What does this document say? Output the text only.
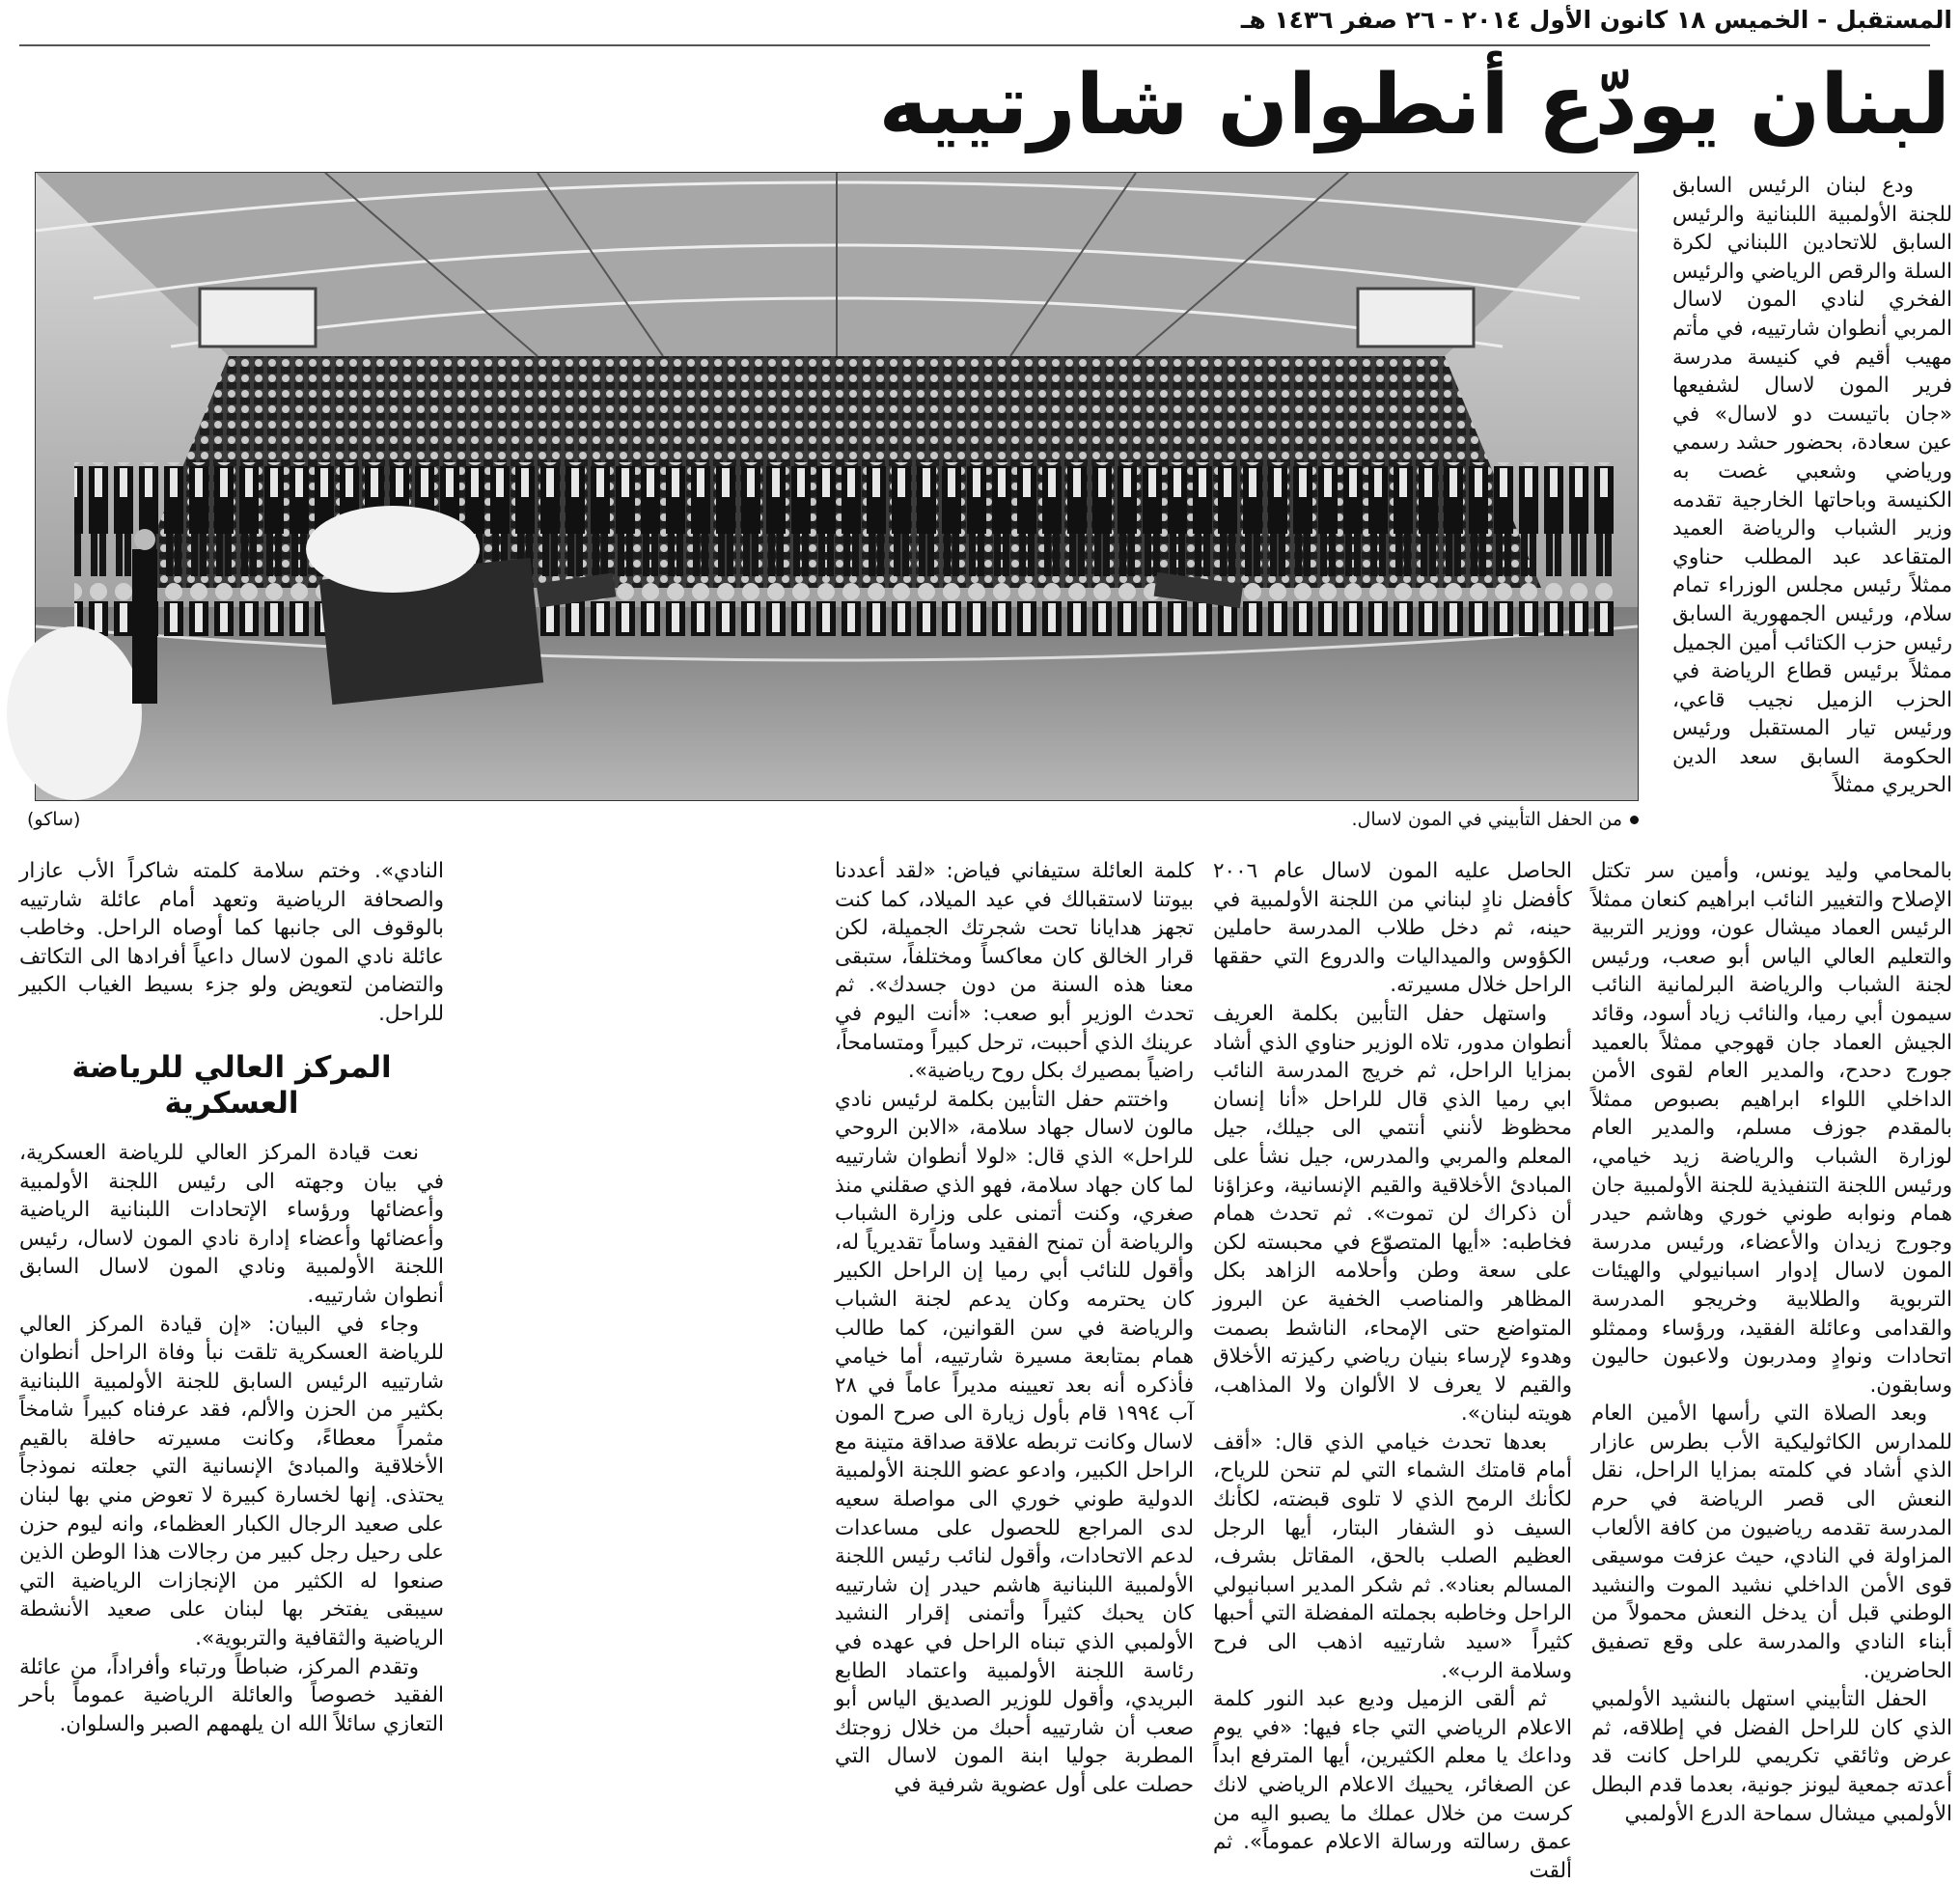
المستقبل - الخميس ١٨ كانون الأول ٢٠١٤ - ٢٦ صفر ١٤٣٦ هـ
لبنان يودّع أنطوان شارتييه
من الحفل التأبيني في المون لاسال.
(ساكو)

ودع لبنان الرئيس السابق للجنة الأولمبية اللبنانية والرئيس السابق للاتحادين اللبناني لكرة السلة والرقص الرياضي والرئيس الفخري لنادي المون لاسال المربي أنطوان شارتييه، في مأتم مهيب أقيم في كنيسة مدرسة فرير المون لاسال لشفيعها «جان باتيست دو لاسال» في عين سعادة، بحضور حشد رسمي ورياضي وشعبي غصت به الكنيسة وباحاتها الخارجية تقدمه وزير الشباب والرياضة العميد المتقاعد عبد المطلب حناوي ممثلاً رئيس مجلس الوزراء تمام سلام، ورئيس الجمهورية السابق رئيس حزب الكتائب أمين الجميل ممثلاً برئيس قطاع الرياضة في الحزب الزميل نجيب قاعي، ورئيس تيار المستقبل ورئيس الحكومة السابق سعد الدين الحريري ممثلاً

بالمحامي وليد يونس، وأمين سر تكتل الإصلاح والتغيير النائب ابراهيم كنعان ممثلاً الرئيس العماد ميشال عون، ووزير التربية والتعليم العالي الياس أبو صعب، ورئيس لجنة الشباب والرياضة البرلمانية النائب سيمون أبي رميا، والنائب زياد أسود، وقائد الجيش العماد جان قهوجي ممثلاً بالعميد جورج دحدح، والمدير العام لقوى الأمن الداخلي اللواء ابراهيم بصبوص ممثلاً بالمقدم جوزف مسلم، والمدير العام لوزارة الشباب والرياضة زيد خيامي، ورئيس اللجنة التنفيذية للجنة الأولمبية جان همام ونوابه طوني خوري وهاشم حيدر وجورج زيدان والأعضاء، ورئيس مدرسة المون لاسال إدوار اسبانيولي والهيئات التربوية والطلابية وخريجو المدرسة والقدامى وعائلة الفقيد، ورؤساء وممثلو اتحادات ونوادٍ ومدربون ولاعبون حاليون وسابقون.

وبعد الصلاة التي رأسها الأمين العام للمدارس الكاثوليكية الأب بطرس عازار الذي أشاد في كلمته بمزايا الراحل، نقل النعش الى قصر الرياضة في حرم المدرسة تقدمه رياضيون من كافة الألعاب المزاولة في النادي، حيث عزفت موسيقى قوى الأمن الداخلي نشيد الموت والنشيد الوطني قبل أن يدخل النعش محمولاً من أبناء النادي والمدرسة على وقع تصفيق الحاضرين.

الحفل التأبيني استهل بالنشيد الأولمبي الذي كان للراحل الفضل في إطلاقه، ثم عرض وثائقي تكريمي للراحل كانت قد أعدته جمعية ليونز جونية، بعدما قدم البطل الأولمبي ميشال سماحة الدرع الأولمبي

الحاصل عليه المون لاسال عام ٢٠٠٦ كأفضل نادٍ لبناني من اللجنة الأولمبية في حينه، ثم دخل طلاب المدرسة حاملين الكؤوس والميداليات والدروع التي حققها الراحل خلال مسيرته.

واستهل حفل التأبين بكلمة العريف أنطوان مدور، تلاه الوزير حناوي الذي أشاد بمزايا الراحل، ثم خريج المدرسة النائب ابي رميا الذي قال للراحل «أنا إنسان محظوظ لأنني أنتمي الى جيلك، جيل المعلم والمربي والمدرس، جيل نشأ على المبادئ الأخلاقية والقيم الإنسانية، وعزاؤنا أن ذكراك لن تموت». ثم تحدث همام فخاطبه: «أيها المتصوّع في محبسته لكن على سعة وطن وأحلامه الزاهد بكل المظاهر والمناصب الخفية عن البروز المتواضع حتى الإمحاء، الناشط بصمت وهدوء لإرساء بنيان رياضي ركيزته الأخلاق والقيم لا يعرف لا الألوان ولا المذاهب، هويته لبنان».

بعدها تحدث خيامي الذي قال: «أقف أمام قامتك الشماء التي لم تنحن للرياح، لكأنك الرمح الذي لا تلوى قبضته، لكأنك السيف ذو الشفار البتار، أيها الرجل العظيم الصلب بالحق، المقاتل بشرف، المسالم بعناد». ثم شكر المدير اسبانيولي الراحل وخاطبه بجملته المفضلة التي أحبها كثيراً «سيد شارتييه اذهب الى فرح وسلامة الرب».

ثم ألقى الزميل وديع عبد النور كلمة الاعلام الرياضي التي جاء فيها: «في يوم وداعك يا معلم الكثيرين، أيها المترفع ابداً عن الصغائر، يحييك الاعلام الرياضي لانك كرست من خلال عملك ما يصبو اليه من عمق رسالته ورسالة الاعلام عموماً». ثم ألقت

كلمة العائلة ستيفاني فياض: «لقد أعددنا بيوتنا لاستقبالك في عيد الميلاد، كما كنت تجهز هدايانا تحت شجرتك الجميلة، لكن قرار الخالق كان معاكساً ومختلفاً، ستبقى معنا هذه السنة من دون جسدك». ثم تحدث الوزير أبو صعب: «أنت اليوم في عرينك الذي أحببت، ترحل كبيراً ومتسامحاً، راضياً بمصيرك بكل روح رياضية».

واختتم حفل التأبين بكلمة لرئيس نادي مالون لاسال جهاد سلامة، «الابن الروحي للراحل» الذي قال: «لولا أنطوان شارتييه لما كان جهاد سلامة، فهو الذي صقلني منذ صغري، وكنت أتمنى على وزارة الشباب والرياضة أن تمنح الفقيد وساماً تقديرياً له، وأقول للنائب أبي رميا إن الراحل الكبير كان يحترمه وكان يدعم لجنة الشباب والرياضة في سن القوانين، كما طالب همام بمتابعة مسيرة شارتييه، أما خيامي فأذكره أنه بعد تعيينه مديراً عاماً في ٢٨ آب ١٩٩٤ قام بأول زيارة الى صرح المون لاسال وكانت تربطه علاقة صداقة متينة مع الراحل الكبير، وادعو عضو اللجنة الأولمبية الدولية طوني خوري الى مواصلة سعيه لدى المراجع للحصول على مساعدات لدعم الاتحادات، وأقول لنائب رئيس اللجنة الأولمبية اللبنانية هاشم حيدر إن شارتييه كان يحبك كثيراً وأتمنى إقرار النشيد الأولمبي الذي تبناه الراحل في عهده في رئاسة اللجنة الأولمبية واعتماد الطابع البريدي، وأقول للوزير الصديق الياس أبو صعب أن شارتييه أحبك من خلال زوجتك المطربة جوليا ابنة المون لاسال التي حصلت على أول عضوية شرفية في

النادي». وختم سلامة كلمته شاكراً الأب عازار والصحافة الرياضية وتعهد أمام عائلة شارتييه بالوقوف الى جانبها كما أوصاه الراحل. وخاطب عائلة نادي المون لاسال داعياً أفرادها الى التكاتف والتضامن لتعويض ولو جزء بسيط الغياب الكبير للراحل.

المركز العالي للرياضة العسكرية

نعت قيادة المركز العالي للرياضة العسكرية، في بيان وجهته الى رئيس اللجنة الأولمبية وأعضائها ورؤساء الإتحادات اللبنانية الرياضية وأعضائها وأعضاء إدارة نادي المون لاسال، رئيس اللجنة الأولمبية ونادي المون لاسال السابق أنطوان شارتييه.

وجاء في البيان: «إن قيادة المركز العالي للرياضة العسكرية تلقت نبأ وفاة الراحل أنطوان شارتييه الرئيس السابق للجنة الأولمبية اللبنانية بكثير من الحزن والألم، فقد عرفناه كبيراً شامخاً مثمراً معطاءً، وكانت مسيرته حافلة بالقيم الأخلاقية والمبادئ الإنسانية التي جعلته نموذجاً يحتذى. إنها لخسارة كبيرة لا تعوض مني بها لبنان على صعيد الرجال الكبار العظماء، وانه ليوم حزن على رحيل رجل كبير من رجالات هذا الوطن الذين صنعوا له الكثير من الإنجازات الرياضية التي سيبقى يفتخر بها لبنان على صعيد الأنشطة الرياضية والثقافية والتربوية».

وتقدم المركز، ضباطاً ورتباء وأفراداً، من عائلة الفقيد خصوصاً والعائلة الرياضية عموماً بأحر التعازي سائلاً الله ان يلهمهم الصبر والسلوان.
